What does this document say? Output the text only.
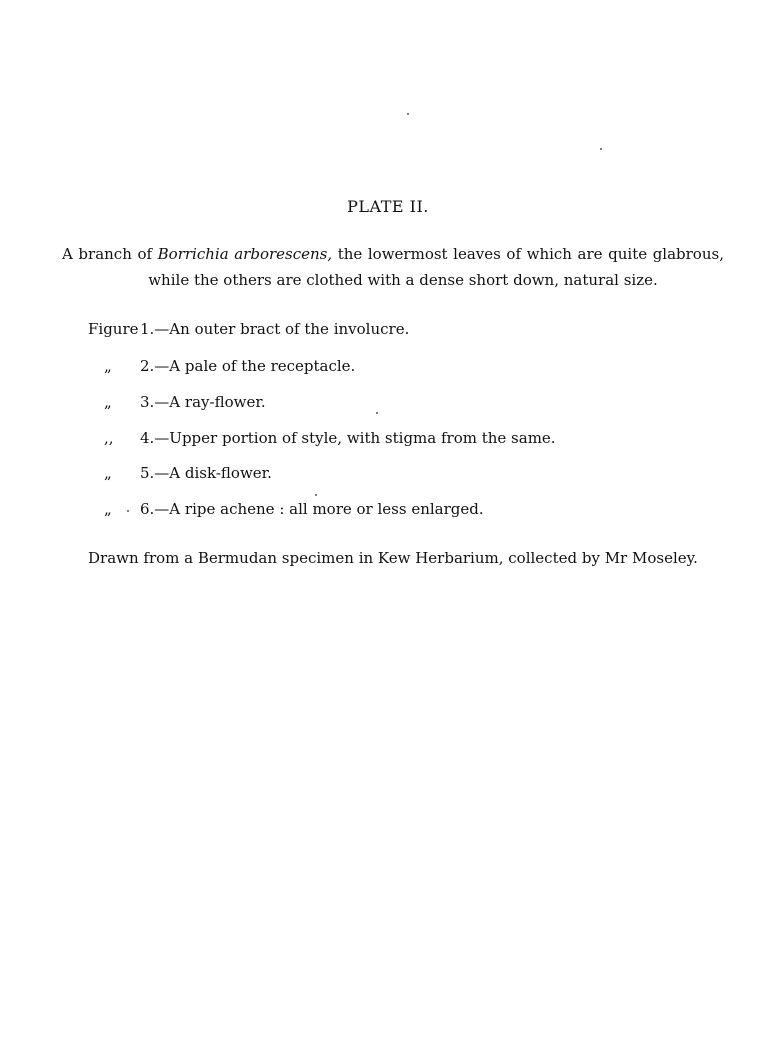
PLATE II.
A branch of Borrichia arborescens, the lowermost leaves of which are quite glabrous,
while the others are clothed with a dense short down, natural size.
Figure1.—An outer bract of the involucre.
„ 2.—A pale of the receptacle.
„ 3.—A ray-flower.
,, 4.—Upper portion of style, with stigma from the same.
„ 5.—A disk-flower.
„ 6.—A ripe achene : all more or less enlarged.
Drawn from a Bermudan specimen in Kew Herbarium, collected by Mr Moseley.
